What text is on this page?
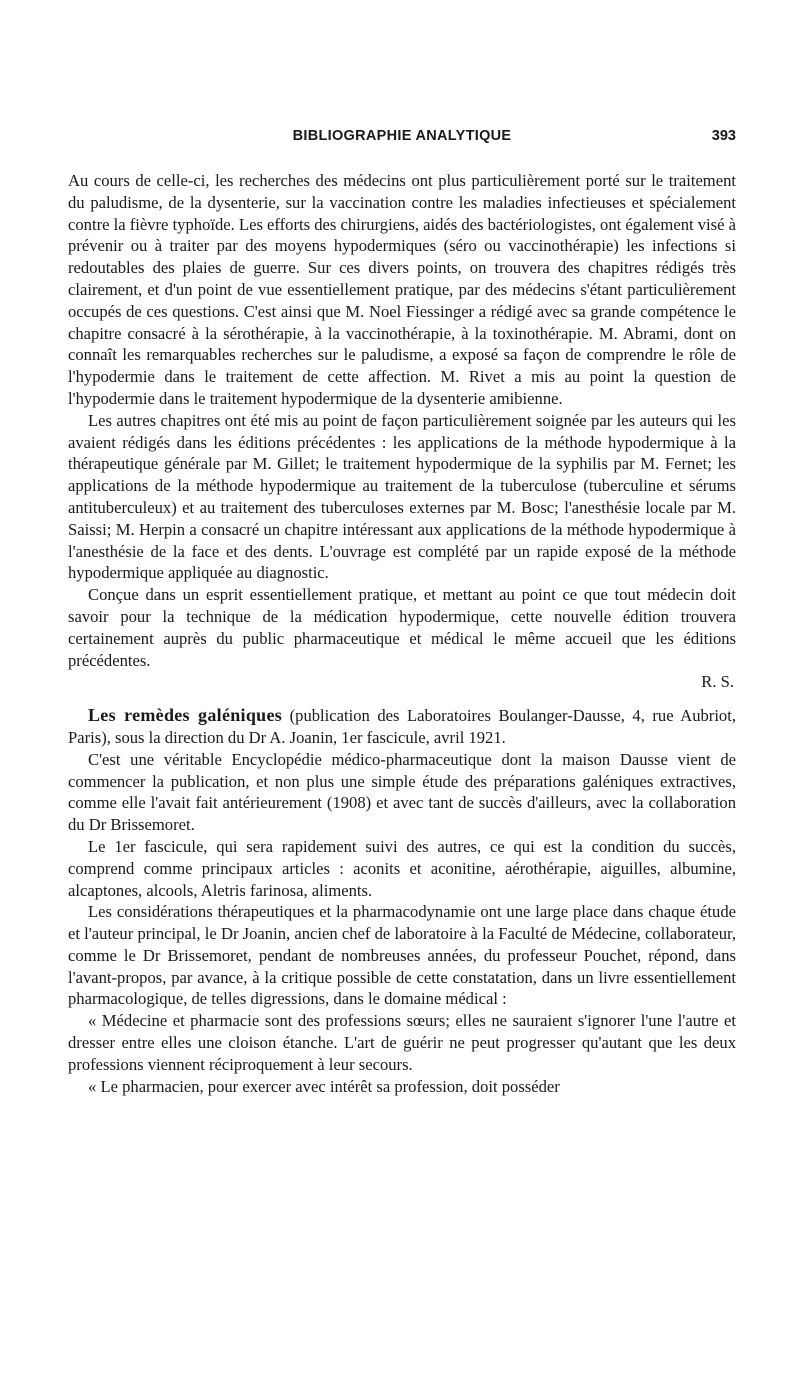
BIBLIOGRAPHIE ANALYTIQUE	393

Au cours de celle-ci, les recherches des médecins ont plus particulièrement porté sur le traitement du paludisme, de la dysenterie, sur la vaccination contre les maladies infectieuses et spécialement contre la fièvre typhoïde. Les efforts des chirurgiens, aidés des bactériologistes, ont également visé à prévenir ou à traiter par des moyens hypodermiques (séro ou vaccinothérapie) les infections si redoutables des plaies de guerre. Sur ces divers points, on trouvera des chapitres rédigés très clairement, et d'un point de vue essentiellement pratique, par des médecins s'étant particulièrement occupés de ces questions. C'est ainsi que M. Noel Fiessinger a rédigé avec sa grande compétence le chapitre consacré à la sérothérapie, à la vaccinothérapie, à la toxinothérapie. M. Abrami, dont on connaît les remarquables recherches sur le paludisme, a exposé sa façon de comprendre le rôle de l'hypodermie dans le traitement de cette affection. M. Rivet a mis au point la question de l'hypodermie dans le traitement hypodermique de la dysenterie amibienne.

Les autres chapitres ont été mis au point de façon particulièrement soignée par les auteurs qui les avaient rédigés dans les éditions précédentes : les applications de la méthode hypodermique à la thérapeutique générale par M. Gillet; le traitement hypodermique de la syphilis par M. Fernet; les applications de la méthode hypodermique au traitement de la tuberculose (tuberculine et sérums antituberculeux) et au traitement des tuberculoses externes par M. Bosc; l'anesthésie locale par M. Saissi; M. Herpin a consacré un chapitre intéressant aux applications de la méthode hypodermique à l'anesthésie de la face et des dents. L'ouvrage est complété par un rapide exposé de la méthode hypodermique appliquée au diagnostic.

Conçue dans un esprit essentiellement pratique, et mettant au point ce que tout médecin doit savoir pour la technique de la médication hypodermique, cette nouvelle édition trouvera certainement auprès du public pharmaceutique et médical le même accueil que les éditions précédentes.

R. S.

Les remèdes galéniques (publication des Laboratoires Boulanger-Dausse, 4, rue Aubriot, Paris), sous la direction du Dr A. Joanin, 1er fascicule, avril 1921.

C'est une véritable Encyclopédie médico-pharmaceutique dont la maison Dausse vient de commencer la publication, et non plus une simple étude des préparations galéniques extractives, comme elle l'avait fait antérieurement (1908) et avec tant de succès d'ailleurs, avec la collaboration du Dr Brissemoret.

Le 1er fascicule, qui sera rapidement suivi des autres, ce qui est la condition du succès, comprend comme principaux articles : aconits et aconitine, aérothérapie, aiguilles, albumine, alcaptones, alcools, Aletris farinosa, aliments.

Les considérations thérapeutiques et la pharmacodynamie ont une large place dans chaque étude et l'auteur principal, le Dr Joanin, ancien chef de laboratoire à la Faculté de Médecine, collaborateur, comme le Dr Brissemoret, pendant de nombreuses années, du professeur Pouchet, répond, dans l'avant-propos, par avance, à la critique possible de cette constatation, dans un livre essentiellement pharmacologique, de telles digressions, dans le domaine médical :

« Médecine et pharmacie sont des professions sœurs; elles ne sauraient s'ignorer l'une l'autre et dresser entre elles une cloison étanche. L'art de guérir ne peut progresser qu'autant que les deux professions viennent réciproquement à leur secours.

« Le pharmacien, pour exercer avec intérêt sa profession, doit posséder
